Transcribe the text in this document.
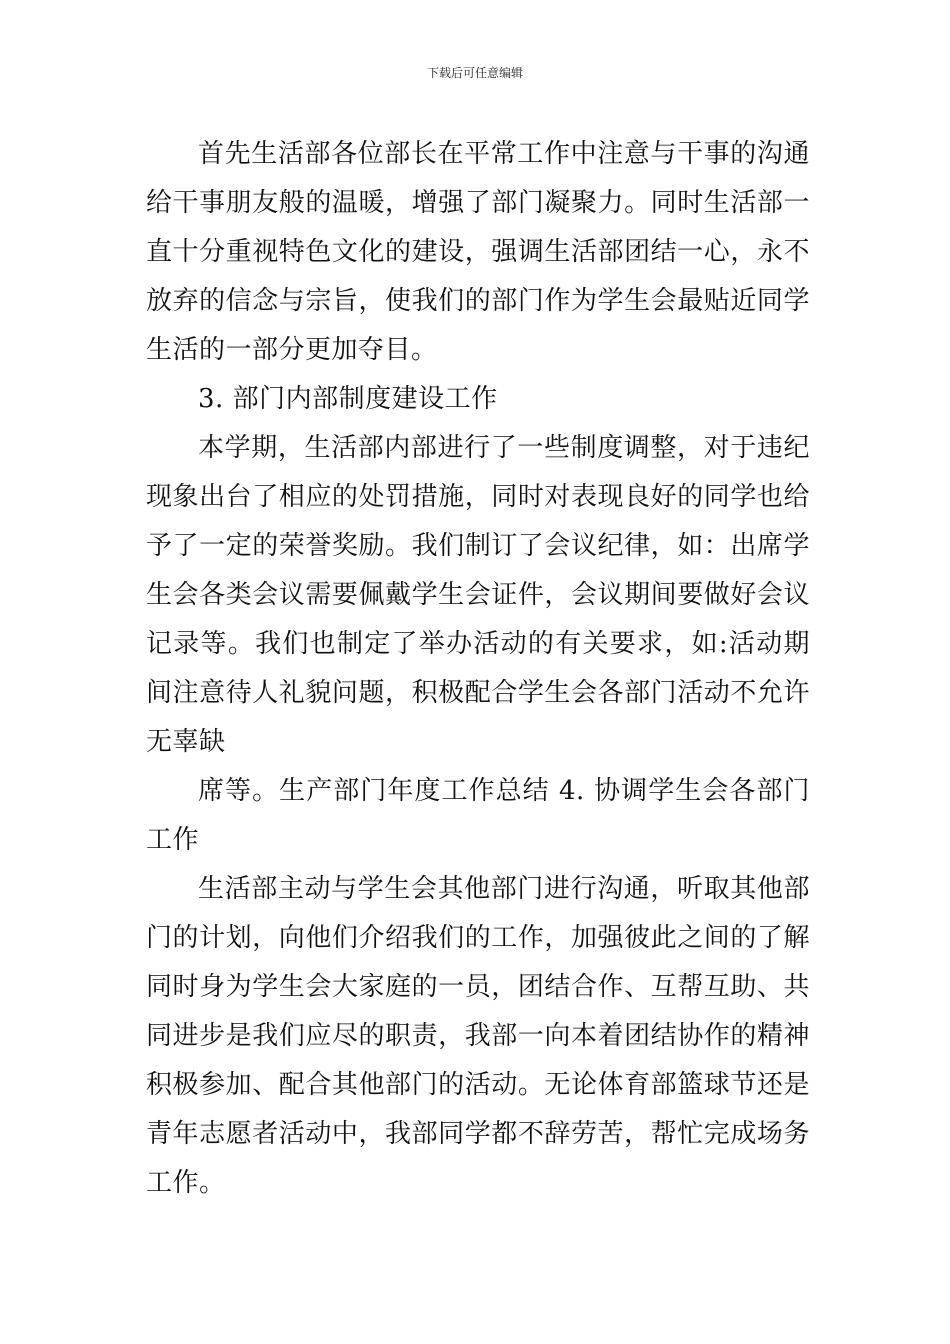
下载后可任意编辑

首先生活部各位部长在平常工作中注意与干事的沟通给干事朋友般的温暖，增强了部门凝聚力。同时生活部一直十分重视特色文化的建设，强调生活部团结一心，永不放弃的信念与宗旨，使我们的部门作为学生会最贴近同学生活的一部分更加夺目。

3. 部门内部制度建设工作

本学期，生活部内部进行了一些制度调整，对于违纪现象出台了相应的处罚措施，同时对表现良好的同学也给予了一定的荣誉奖励。我们制订了会议纪律，如：出席学生会各类会议需要佩戴学生会证件，会议期间要做好会议记录等。我们也制定了举办活动的有关要求，如:活动期间注意待人礼貌问题，积极配合学生会各部门活动不允许无辜缺

席等。生产部门年度工作总结 4. 协调学生会各部门工作

生活部主动与学生会其他部门进行沟通，听取其他部门的计划，向他们介绍我们的工作，加强彼此之间的了解同时身为学生会大家庭的一员，团结合作、互帮互助、共同进步是我们应尽的职责，我部一向本着团结协作的精神积极参加、配合其他部门的活动。无论体育部篮球节还是青年志愿者活动中，我部同学都不辞劳苦，帮忙完成场务工作。
